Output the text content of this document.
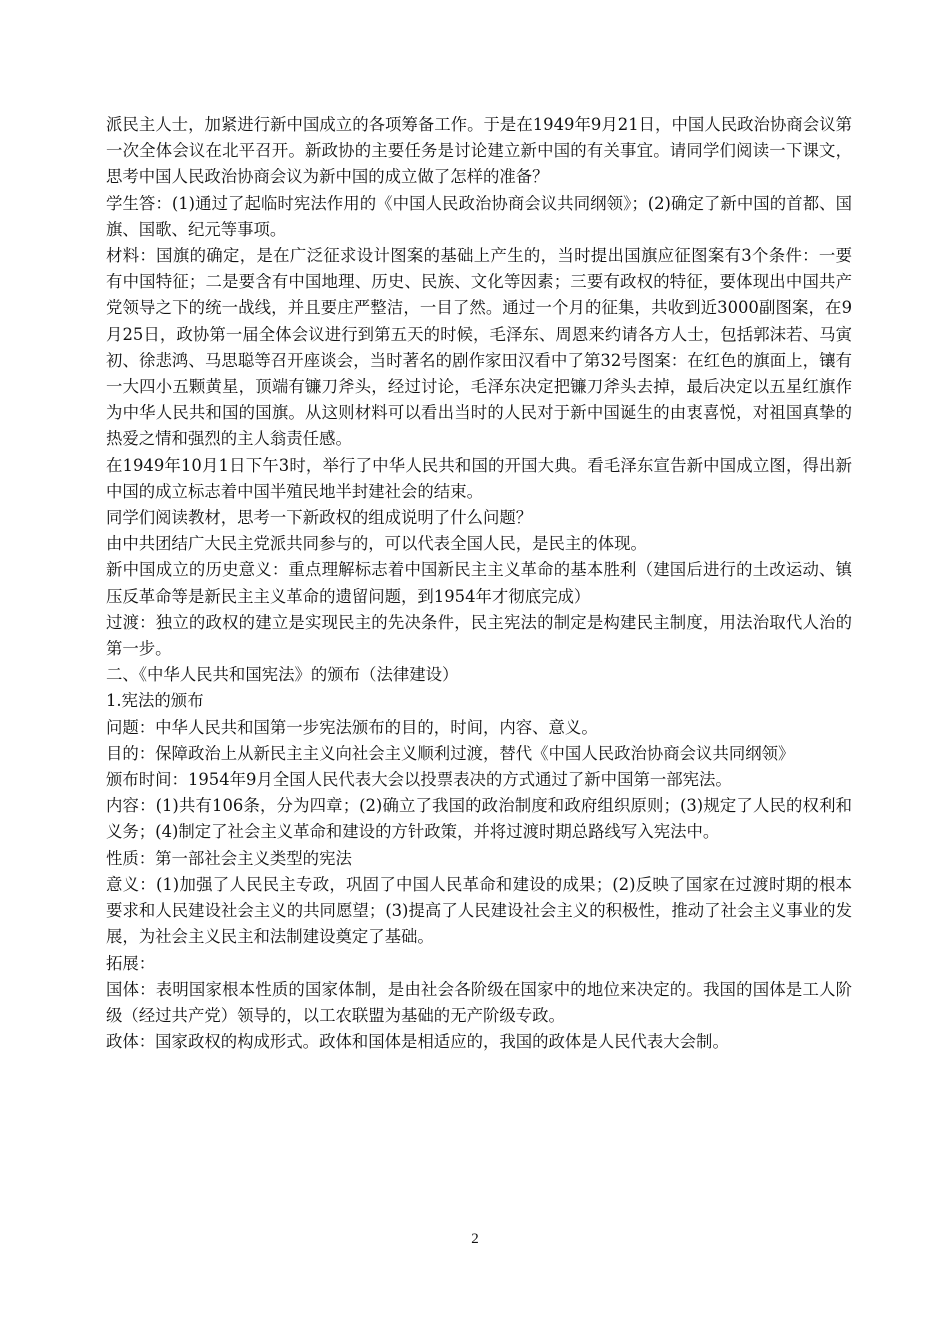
派民主人士，加紧进行新中国成立的各项筹备工作。于是在1949年9月21日，中国人民政治协商会议第一次全体会议在北平召开。新政协的主要任务是讨论建立新中国的有关事宜。请同学们阅读一下课文，思考中国人民政治协商会议为新中国的成立做了怎样的准备？

学生答：(1)通过了起临时宪法作用的《中国人民政治协商会议共同纲领》；(2)确定了新中国的首都、国旗、国歌、纪元等事项。

材料：国旗的确定，是在广泛征求设计图案的基础上产生的，当时提出国旗应征图案有3个条件：一要有中国特征；二是要含有中国地理、历史、民族、文化等因素；三要有政权的特征，要体现出中国共产党领导之下的统一战线，并且要庄严整洁，一目了然。通过一个月的征集，共收到近3000副图案，在9月25日，政协第一届全体会议进行到第五天的时候，毛泽东、周恩来约请各方人士，包括郭沫若、马寅初、徐悲鸿、马思聪等召开座谈会，当时著名的剧作家田汉看中了第32号图案：在红色的旗面上，镶有一大四小五颗黄星，顶端有镰刀斧头，经过讨论，毛泽东决定把镰刀斧头去掉，最后决定以五星红旗作为中华人民共和国的国旗。从这则材料可以看出当时的人民对于新中国诞生的由衷喜悦，对祖国真挚的热爱之情和强烈的主人翁责任感。

在1949年10月1日下午3时，举行了中华人民共和国的开国大典。看毛泽东宣告新中国成立图，得出新中国的成立标志着中国半殖民地半封建社会的结束。

同学们阅读教材，思考一下新政权的组成说明了什么问题？

由中共团结广大民主党派共同参与的，可以代表全国人民，是民主的体现。

新中国成立的历史意义：重点理解标志着中国新民主主义革命的基本胜利（建国后进行的土改运动、镇压反革命等是新民主主义革命的遗留问题，到1954年才彻底完成）

过渡：独立的政权的建立是实现民主的先决条件，民主宪法的制定是构建民主制度，用法治取代人治的第一步。

二、《中华人民共和国宪法》的颁布（法律建设）

1.宪法的颁布

问题：中华人民共和国第一步宪法颁布的目的，时间，内容、意义。

目的：保障政治上从新民主主义向社会主义顺利过渡，替代《中国人民政治协商会议共同纲领》

颁布时间：1954年9月全国人民代表大会以投票表决的方式通过了新中国第一部宪法。

内容：(1)共有106条，分为四章；(2)确立了我国的政治制度和政府组织原则；(3)规定了人民的权利和义务；(4)制定了社会主义革命和建设的方针政策，并将过渡时期总路线写入宪法中。

性质：第一部社会主义类型的宪法

意义：(1)加强了人民民主专政，巩固了中国人民革命和建设的成果；(2)反映了国家在过渡时期的根本要求和人民建设社会主义的共同愿望；(3)提高了人民建设社会主义的积极性，推动了社会主义事业的发展，为社会主义民主和法制建设奠定了基础。

拓展：

国体：表明国家根本性质的国家体制，是由社会各阶级在国家中的地位来决定的。我国的国体是工人阶级（经过共产党）领导的，以工农联盟为基础的无产阶级专政。

政体：国家政权的构成形式。政体和国体是相适应的，我国的政体是人民代表大会制。

2
